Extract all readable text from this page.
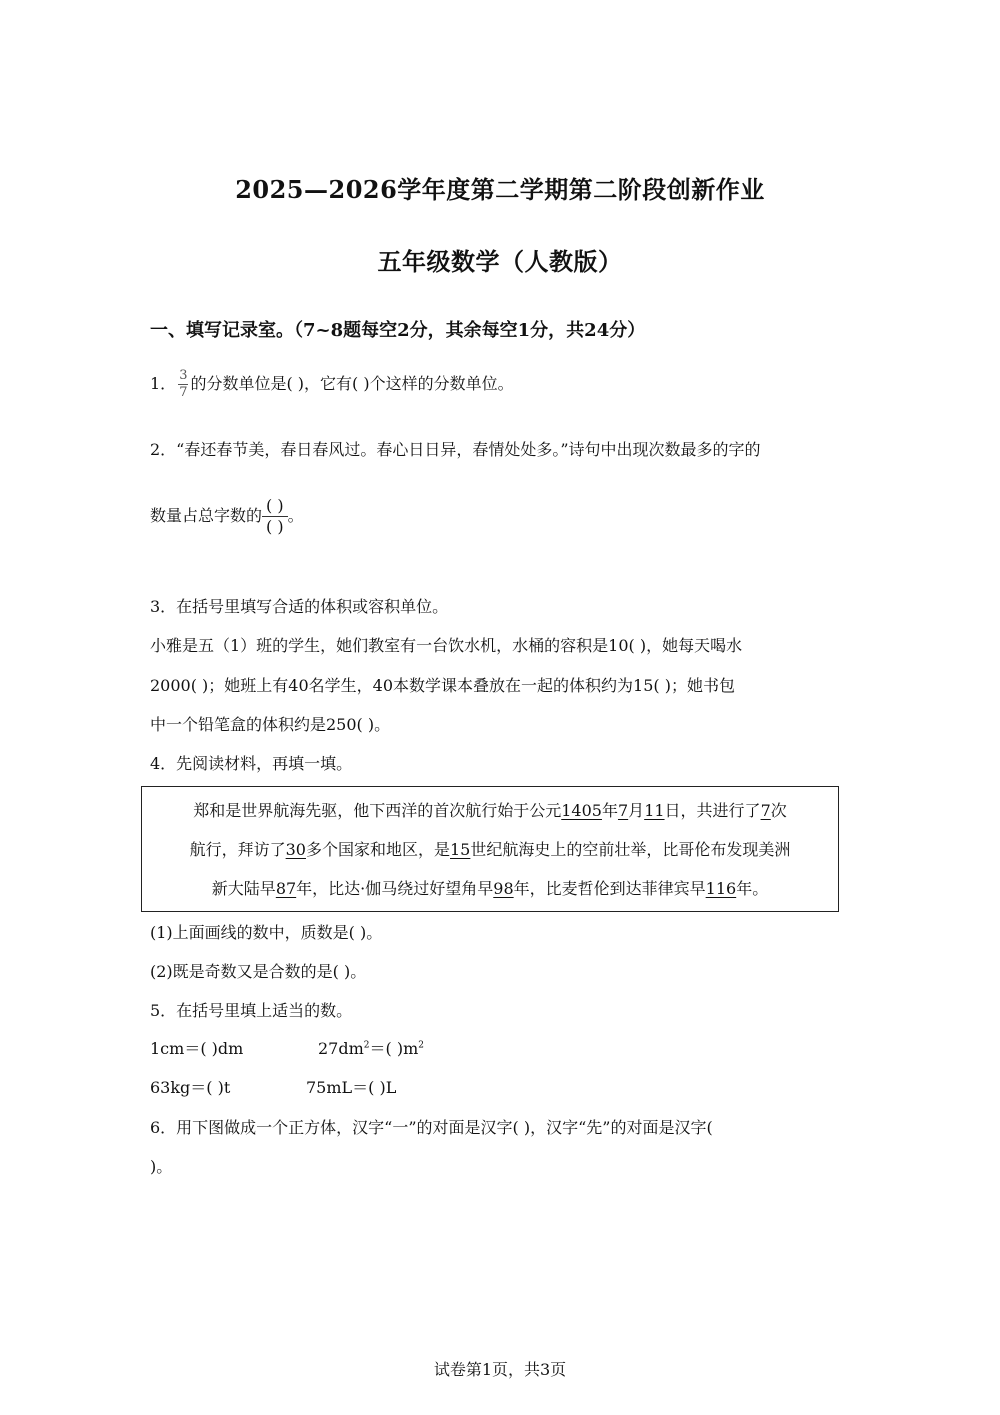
2025—2026学年度第二学期第二阶段创新作业
五年级数学（人教版）
一、填写记录室。（7~8题每空2分，其余每空1分，共24分）
1． $\frac{3}{7}$ 的分数单位是( )，它有( )个这样的分数单位。
2．“春还春节美，春日春风过。春心日日异，春情处处多。”诗句中出现次数最多的字的
数量占总字数的 $\frac{( )}{( )}$ 。
3．在括号里填写合适的体积或容积单位。
小雅是五（1）班的学生，她们教室有一台饮水机，水桶的容积是10( )，她每天喝水
2000( )；她班上有40名学生，40本数学课本叠放在一起的体积约为15( )；她书包
中一个铅笔盒的体积约是250( )。
4．先阅读材料，再填一填。
郑和是世界航海先驱，他下西洋的首次航行始于公元1405年7月11日，共进行了7次
航行，拜访了30多个国家和地区，是15世纪航海史上的空前壮举，比哥伦布发现美洲
新大陆早87年，比达·伽马绕过好望角早98年，比麦哲伦到达菲律宾早116年。
(1)上面画线的数中，质数是( )。
(2)既是奇数又是合数的是( )。
5．在括号里填上适当的数。
1cm＝( )dm	$27dm^2=$( )$m^2$
63kg＝( )t	75mL＝( )L
6．用下图做成一个正方体，汉字“一”的对面是汉字( )，汉字“先”的对面是汉字(
)。
试卷第1页，共3页
